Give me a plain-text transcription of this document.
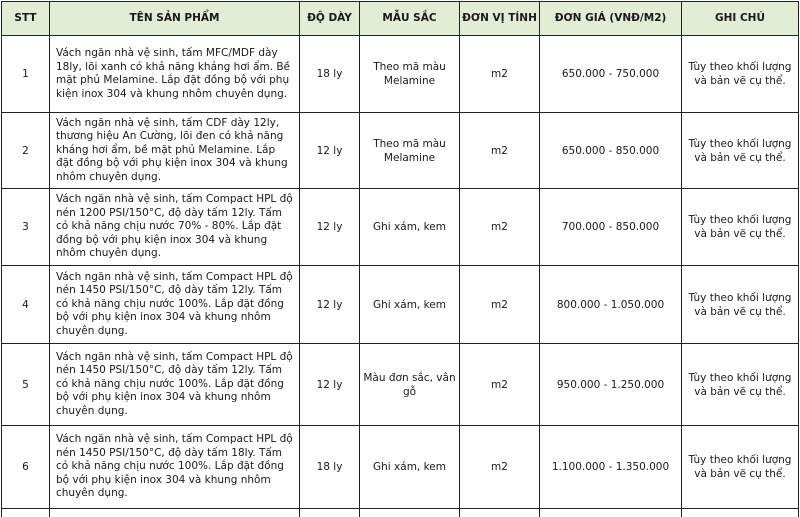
STT	TÊN SẢN PHẨM	ĐỘ DÀY	MẪU SẮC	ĐƠN VỊ TÍNH	ĐƠN GIÁ (VNĐ/M2)	GHI CHÚ
1	Vách ngăn nhà vệ sinh, tấm MFC/MDF dày 18ly, lõi xanh có khả năng kháng hơi ẩm. Bề mặt phủ Melamine. Lắp đặt đồng bộ với phụ kiện inox 304 và khung nhôm chuyên dụng.	18 ly	Theo mã màu Melamine	m2	650.000 - 750.000	Tùy theo khối lượng và bản vẽ cụ thể.
2	Vách ngăn nhà vệ sinh, tấm CDF dày 12ly, thương hiệu An Cường, lõi đen có khả năng kháng hơi ẩm, bề mặt phủ Melamine. Lắp đặt đồng bộ với phụ kiện inox 304 và khung nhôm chuyên dụng.	12 ly	Theo mã màu Melamine	m2	650.000 - 850.000	Tùy theo khối lượng và bản vẽ cụ thể.
3	Vách ngăn nhà vệ sinh, tấm Compact HPL độ nén 1200 PSI/150°C, độ dày tấm 12ly. Tấm có khả năng chịu nước 70% - 80%. Lắp đặt đồng bộ với phụ kiện inox 304 và khung nhôm chuyên dụng.	12 ly	Ghi xám, kem	m2	700.000 - 850.000	Tùy theo khối lượng và bản vẽ cụ thể.
4	Vách ngăn nhà vệ sinh, tấm Compact HPL độ nén 1450 PSI/150°C, độ dày tấm 12ly. Tấm có khả năng chịu nước 100%. Lắp đặt đồng bộ với phụ kiện inox 304 và khung nhôm chuyên dụng.	12 ly	Ghi xám, kem	m2	800.000 - 1.050.000	Tùy theo khối lượng và bản vẽ cụ thể.
5	Vách ngăn nhà vệ sinh, tấm Compact HPL độ nén 1450 PSI/150°C, độ dày tấm 12ly. Tấm có khả năng chịu nước 100%. Lắp đặt đồng bộ với phụ kiện inox 304 và khung nhôm chuyên dụng.	12 ly	Màu đơn sắc, vân gỗ	m2	950.000 - 1.250.000	Tùy theo khối lượng và bản vẽ cụ thể.
6	Vách ngăn nhà vệ sinh, tấm Compact HPL độ nén 1450 PSI/150°C, độ dày tấm 18ly. Tấm có khả năng chịu nước 100%. Lắp đặt đồng bộ với phụ kiện inox 304 và khung nhôm chuyên dụng.	18 ly	Ghi xám, kem	m2	1.100.000 - 1.350.000	Tùy theo khối lượng và bản vẽ cụ thể.
